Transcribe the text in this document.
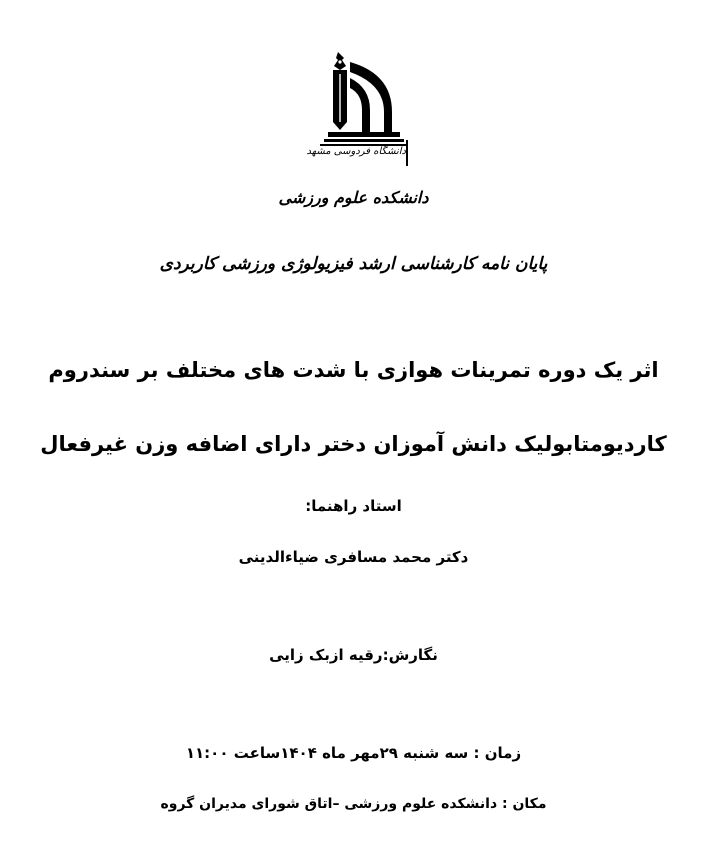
دانشگاه فردوسی مشهد
دانشکده علوم ورزشی
پایان نامه کارشناسی ارشد فیزیولوژی ورزشی کاربردی
اثر یک دوره تمرینات هوازی با شدت های مختلف بر سندروم
کاردیومتابولیک دانش آموزان دختر دارای اضافه وزن غیرفعال
استاد راهنما:
دکتر محمد مسافری ضیاءالدینی
نگارش:رقیه ازبک زایی
زمان : سه شنبه ۲۹مهر ماه ۱۴۰۴ساعت ۱۱:۰۰
مکان : دانشکده علوم ورزشی –اتاق شورای مدیران گروه
